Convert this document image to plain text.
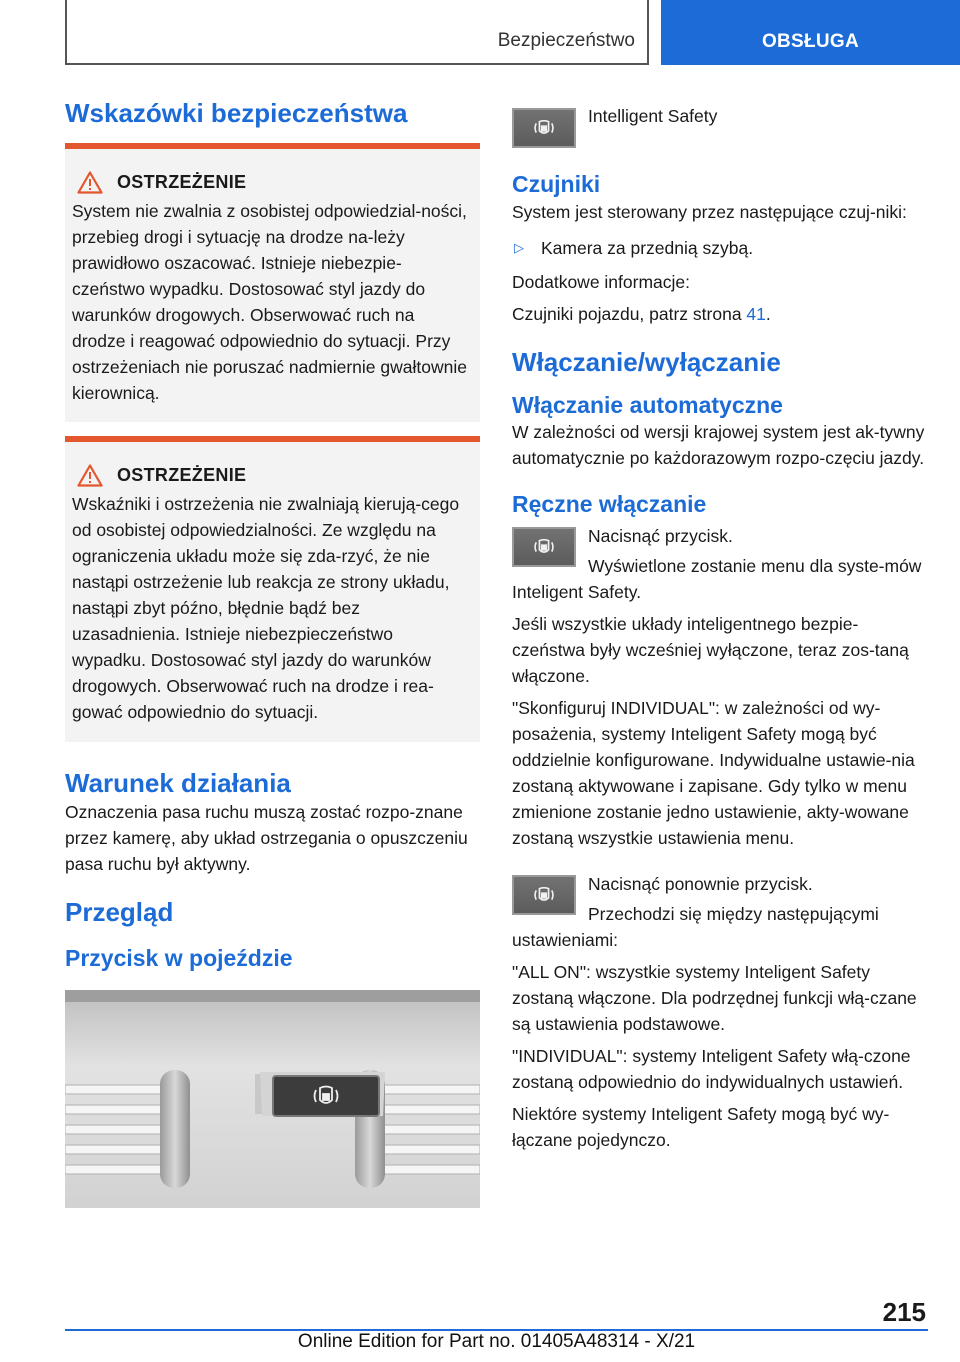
Bezpieczeństwo	OBSŁUGA
Wskazówki bezpieczeństwa
OSTRZEŻENIE

System nie zwalnia z osobistej odpowiedzial-ności, przebieg drogi i sytuację na drodze na-leży prawidłowo oszacować. Istnieje niebezpie-czeństwo wypadku. Dostosować styl jazdy do warunków drogowych. Obserwować ruch na drodze i reagować odpowiednio do sytuacji. Przy ostrzeżeniach nie poruszać nadmiernie gwałtownie kierownicą.

OSTRZEŻENIE

Wskaźniki i ostrzeżenia nie zwalniają kierują-cego od osobistej odpowiedzialności. Ze względu na ograniczenia układu może się zda-rzyć, że nie nastąpi ostrzeżenie lub reakcja ze strony układu, nastąpi zbyt późno, błędnie bądź bez uzasadnienia. Istnieje niebezpieczeństwo wypadku. Dostosować styl jazdy do warunków drogowych. Obserwować ruch na drodze i rea-gować odpowiednio do sytuacji.

Warunek działania

Oznaczenia pasa ruchu muszą zostać rozpo-znane przez kamerę, aby układ ostrzegania o opuszczeniu pasa ruchu był aktywny.

Przegląd
Przycisk w pojeździe

Intelligent Safety

Czujniki

System jest sterowany przez następujące czuj-niki:

▷ Kamera za przednią szybą.

Dodatkowe informacje:

Czujniki pojazdu, patrz strona 41.

Włączanie/wyłączanie
Włączanie automatyczne

W zależności od wersji krajowej system jest ak-tywny automatycznie po każdorazowym rozpo-częciu jazdy.

Ręczne włączanie

Nacisnąć przycisk.

Wyświetlone zostanie menu dla syste-mów Inteligent Safety.

Jeśli wszystkie układy inteligentnego bezpie-czeństwa były wcześniej wyłączone, teraz zos-taną włączone.

"Skonfiguruj INDIVIDUAL": w zależności od wy-posażenia, systemy Inteligent Safety mogą być oddzielnie konfigurowane. Indywidualne ustawie-nia zostaną aktywowane i zapisane. Gdy tylko w menu zmienione zostanie jedno ustawienie, akty-wowane zostaną wszystkie ustawienia menu.

Nacisnąć ponownie przycisk.

Przechodzi się między następującymi ustawieniami:

"ALL ON": wszystkie systemy Inteligent Safety zostaną włączone. Dla podrzędnej funkcji włą-czane są ustawienia podstawowe.

"INDIVIDUAL": systemy Inteligent Safety włą-czone zostaną odpowiednio do indywidualnych ustawień.

Niektóre systemy Inteligent Safety mogą być wy-łączane pojedynczo.

215
Online Edition for Part no. 01405A48314 - X/21
